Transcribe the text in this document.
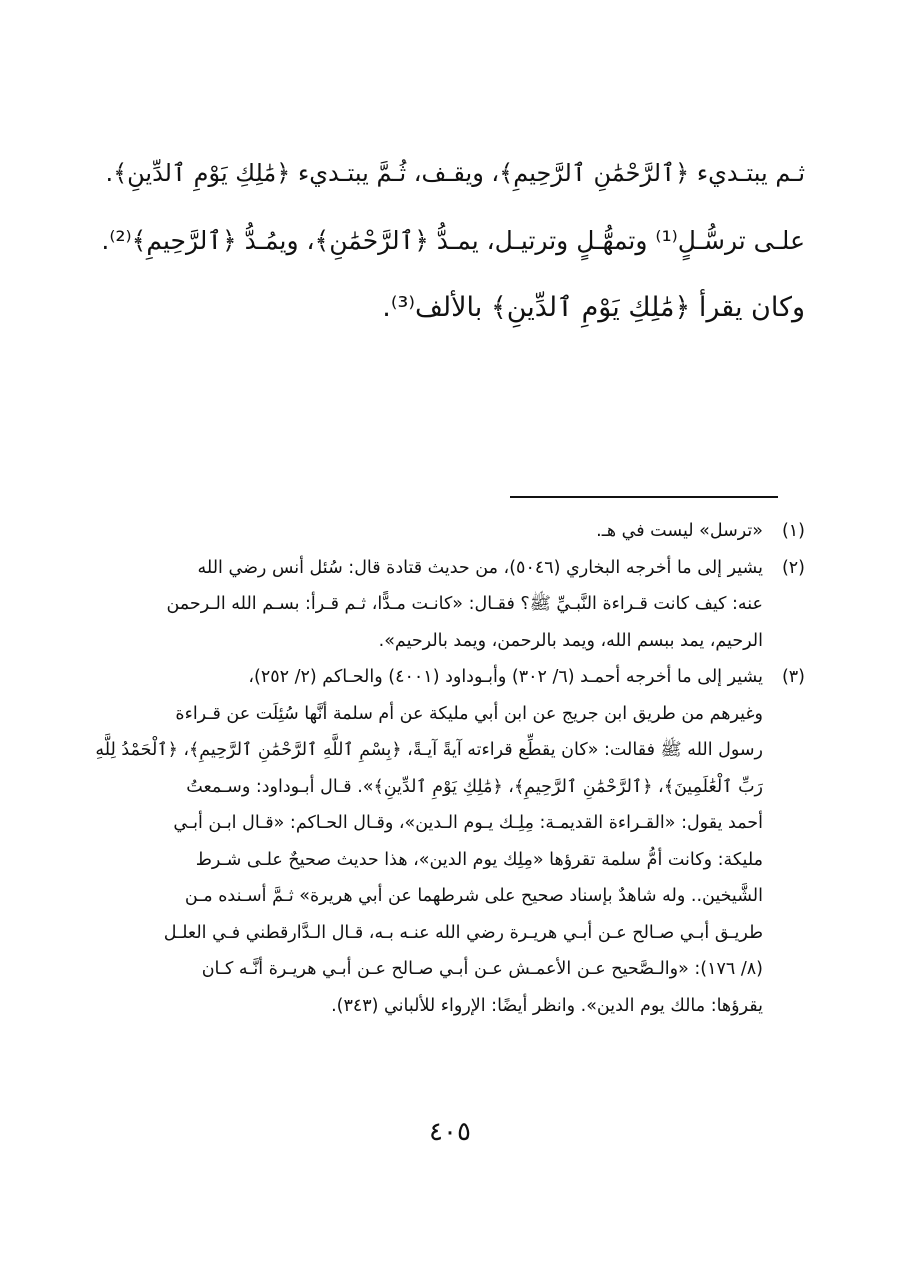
ثـم يبتـديء ﴿ٱلرَّحْمَٰنِ ٱلرَّحِيمِ﴾، ويقـف، ثُـمَّ يبتـديء ﴿مَٰلِكِ يَوْمِ ٱلدِّينِ﴾.
علـى ترسُّـلٍ⁽¹⁾ وتمهُّـلٍ وترتيـل، يمـدُّ ﴿ٱلرَّحْمَٰنِ﴾، ويمُـدُّ ﴿ٱلرَّحِيمِ﴾⁽²⁾.
وكان يقرأ ﴿مَٰلِكِ يَوْمِ ٱلدِّينِ﴾ بالألف⁽³⁾.
(١)
«ترسل» ليست في هـ.
(٢)
يشير إلى ما أخرجه البخاري (٥٠٤٦)، من حديث قتادة قال: سُئل أنس رضي الله
عنه: كيف كانت قـراءة النَّبـيِّ ﷺ؟ فقـال: «كانـت مـدًّا، ثـم قـرأ: بسـم الله الـرحمن
الرحيم، يمد ببسم الله، ويمد بالرحمن، ويمد بالرحيم».
(٣)
يشير إلى ما أخرجه أحمـد (٦/ ٣٠٢) وأبـوداود (٤٠٠١) والحـاكم (٢/ ٢٥٢)،
وغيرهم من طريق ابن جريج عن ابن أبي مليكة عن أم سلمة أنَّها سُئِلَت عن قـراءة
رسول الله ﷺ فقالت: «كان يقطِّع قراءته آيةً آيـةً، ﴿بِسْمِ ٱللَّهِ ٱلرَّحْمَٰنِ ٱلرَّحِيمِ﴾، ﴿ٱلْحَمْدُ لِلَّهِ
رَبِّ ٱلْعَٰلَمِينَ﴾، ﴿ٱلرَّحْمَٰنِ ٱلرَّحِيمِ﴾، ﴿مَٰلِكِ يَوْمِ ٱلدِّينِ﴾». قـال أبـوداود: وسـمعتُ
أحمد يقول: «القـراءة القديمـة: مِلِـك يـوم الـدين»، وقـال الحـاكم: «قـال ابـن أبـي
مليكة: وكانت أمُّ سلمة تقرؤها «مِلِك يوم الدين»، هذا حديث صحيحٌ علـى شـرط
الشَّيخين.. وله شاهدٌ بإسناد صحيح على شرطهما عن أبي هريرة» ثـمَّ أسـنده مـن
طريـق أبـي صـالح عـن أبـي هريـرة رضي الله عنـه بـه، قـال الـدَّارقطني فـي العلـل
(٨/ ١٧٦): «والـصَّحيح عـن الأعمـش عـن أبـي صـالح عـن أبـي هريـرة أنَّـه كـان
يقرؤها: مالك يوم الدين». وانظر أيضًا: الإرواء للألباني (٣٤٣).
٤٠٥
